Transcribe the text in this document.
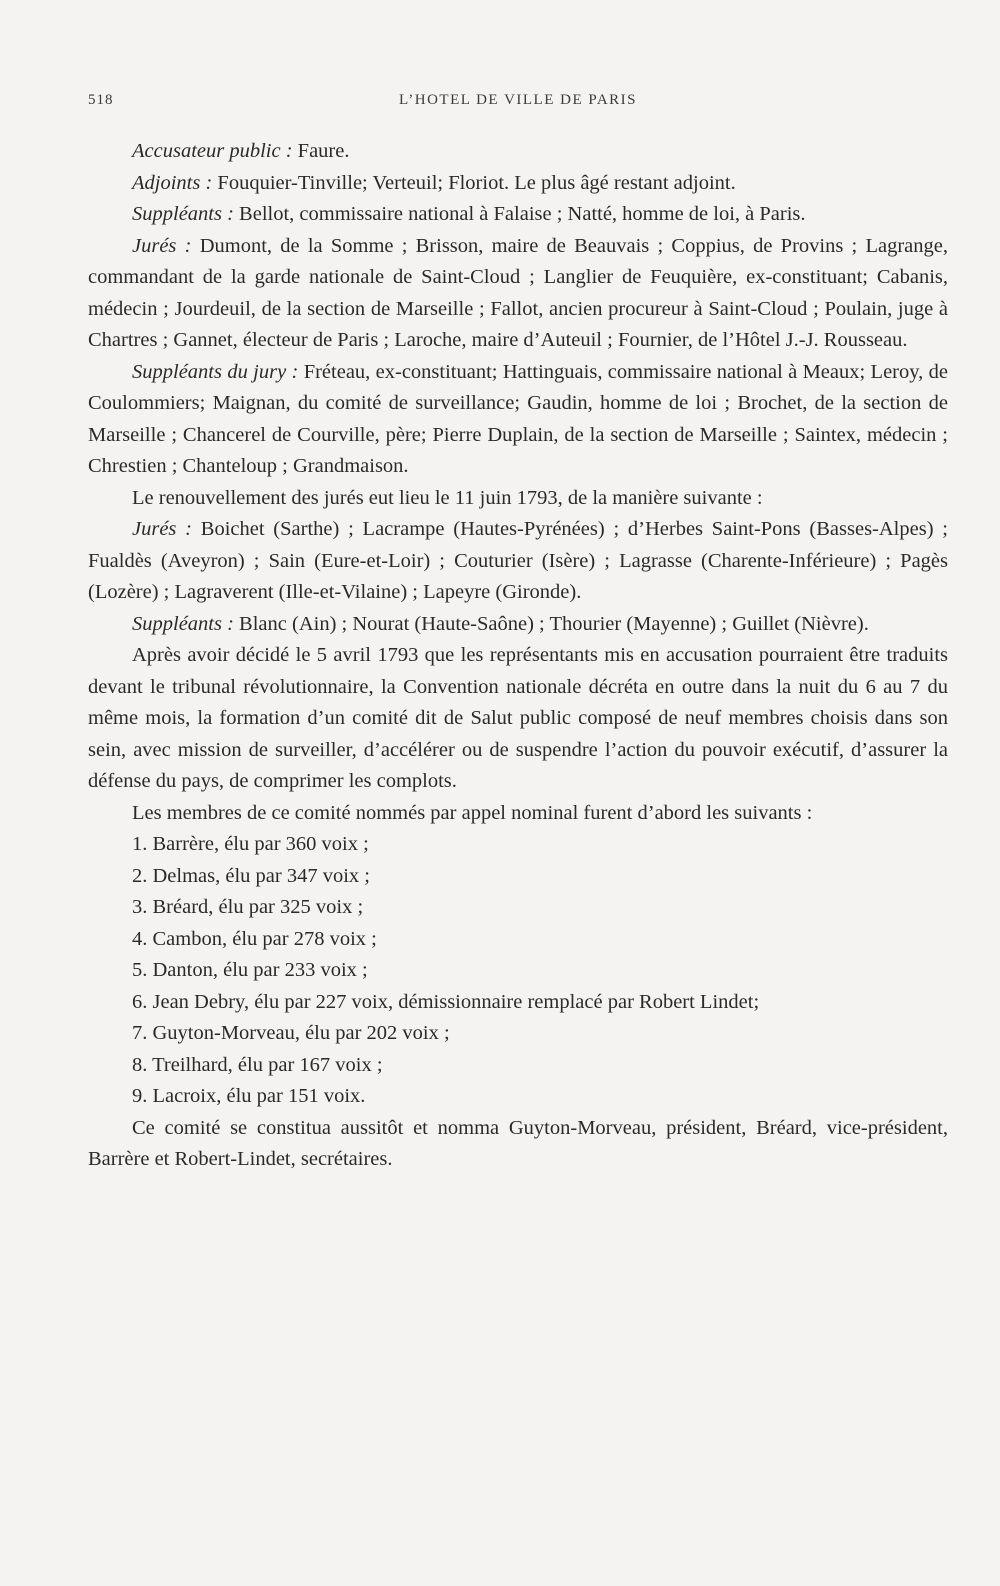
518	L’HOTEL DE VILLE DE PARIS

Accusateur public : Faure.

Adjoints : Fouquier-Tinville; Verteuil; Floriot. Le plus âgé restant adjoint.

Suppléants : Bellot, commissaire national à Falaise ; Natté, homme de loi, à Paris.

Jurés : Dumont, de la Somme ; Brisson, maire de Beauvais ; Coppius, de Provins ; Lagrange, commandant de la garde nationale de Saint-Cloud ; Langlier de Feuquière, ex-constituant; Cabanis, médecin ; Jourdeuil, de la section de Marseille ; Fallot, ancien procureur à Saint-Cloud ; Poulain, juge à Chartres ; Gannet, électeur de Paris ; Laroche, maire d’Auteuil ; Fournier, de l’Hôtel J.-J. Rousseau.

Suppléants du jury : Fréteau, ex-constituant; Hattinguais, commissaire national à Meaux; Leroy, de Coulommiers; Maignan, du comité de surveillance; Gaudin, homme de loi ; Brochet, de la section de Marseille ; Chancerel de Courville, père; Pierre Duplain, de la section de Marseille ; Saintex, médecin ; Chrestien ; Chanteloup ; Grandmaison.

Le renouvellement des jurés eut lieu le 11 juin 1793, de la manière suivante :

Jurés : Boichet (Sarthe) ; Lacrampe (Hautes-Pyrénées) ; d’Herbes Saint-Pons (Basses-Alpes) ; Fualdès (Aveyron) ; Sain (Eure-et-Loir) ; Couturier (Isère) ; Lagrasse (Charente-Inférieure) ; Pagès (Lozère) ; Lagraverent (Ille-et-Vilaine) ; Lapeyre (Gironde).

Suppléants : Blanc (Ain) ; Nourat (Haute-Saône) ; Thourier (Mayenne) ; Guillet (Nièvre).

Après avoir décidé le 5 avril 1793 que les représentants mis en accusation pourraient être traduits devant le tribunal révolutionnaire, la Convention nationale décréta en outre dans la nuit du 6 au 7 du même mois, la formation d’un comité dit de Salut public composé de neuf membres choisis dans son sein, avec mission de surveiller, d’accélérer ou de suspendre l’action du pouvoir exécutif, d’assurer la défense du pays, de comprimer les complots.

Les membres de ce comité nommés par appel nominal furent d’abord les suivants :

1. Barrère, élu par 360 voix ;
2. Delmas, élu par 347 voix ;
3. Bréard, élu par 325 voix ;
4. Cambon, élu par 278 voix ;
5. Danton, élu par 233 voix ;
6. Jean Debry, élu par 227 voix, démissionnaire remplacé par Robert Lindet;
7. Guyton-Morveau, élu par 202 voix ;
8. Treilhard, élu par 167 voix ;
9. Lacroix, élu par 151 voix.

Ce comité se constitua aussitôt et nomma Guyton-Morveau, président, Bréard, vice-président, Barrère et Robert-Lindet, secrétaires.
